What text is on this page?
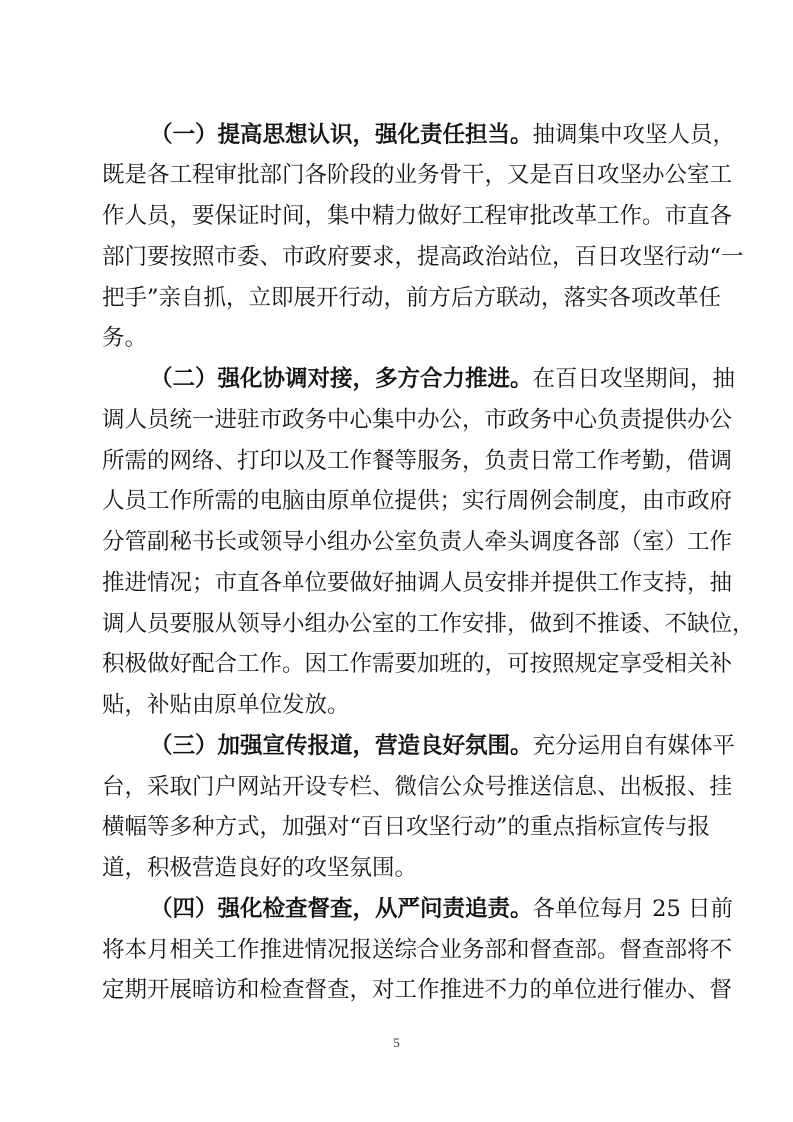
（一）提高思想认识，强化责任担当。抽调集中攻坚人员，
既是各工程审批部门各阶段的业务骨干，又是百日攻坚办公室工
作人员，要保证时间，集中精力做好工程审批改革工作。市直各
部门要按照市委、市政府要求，提高政治站位，百日攻坚行动“一
把手”亲自抓，立即展开行动，前方后方联动，落实各项改革任
务。
（二）强化协调对接，多方合力推进。在百日攻坚期间，抽
调人员统一进驻市政务中心集中办公，市政务中心负责提供办公
所需的网络、打印以及工作餐等服务，负责日常工作考勤，借调
人员工作所需的电脑由原单位提供；实行周例会制度，由市政府
分管副秘书长或领导小组办公室负责人牵头调度各部（室）工作
推进情况；市直各单位要做好抽调人员安排并提供工作支持，抽
调人员要服从领导小组办公室的工作安排，做到不推诿、不缺位，
积极做好配合工作。因工作需要加班的，可按照规定享受相关补
贴，补贴由原单位发放。
（三）加强宣传报道，营造良好氛围。充分运用自有媒体平
台，采取门户网站开设专栏、微信公众号推送信息、出板报、挂
横幅等多种方式，加强对“百日攻坚行动”的重点指标宣传与报
道，积极营造良好的攻坚氛围。
（四）强化检查督查，从严问责追责。各单位每月 25 日前
将本月相关工作推进情况报送综合业务部和督查部。督查部将不
定期开展暗访和检查督查，对工作推进不力的单位进行催办、督
5
